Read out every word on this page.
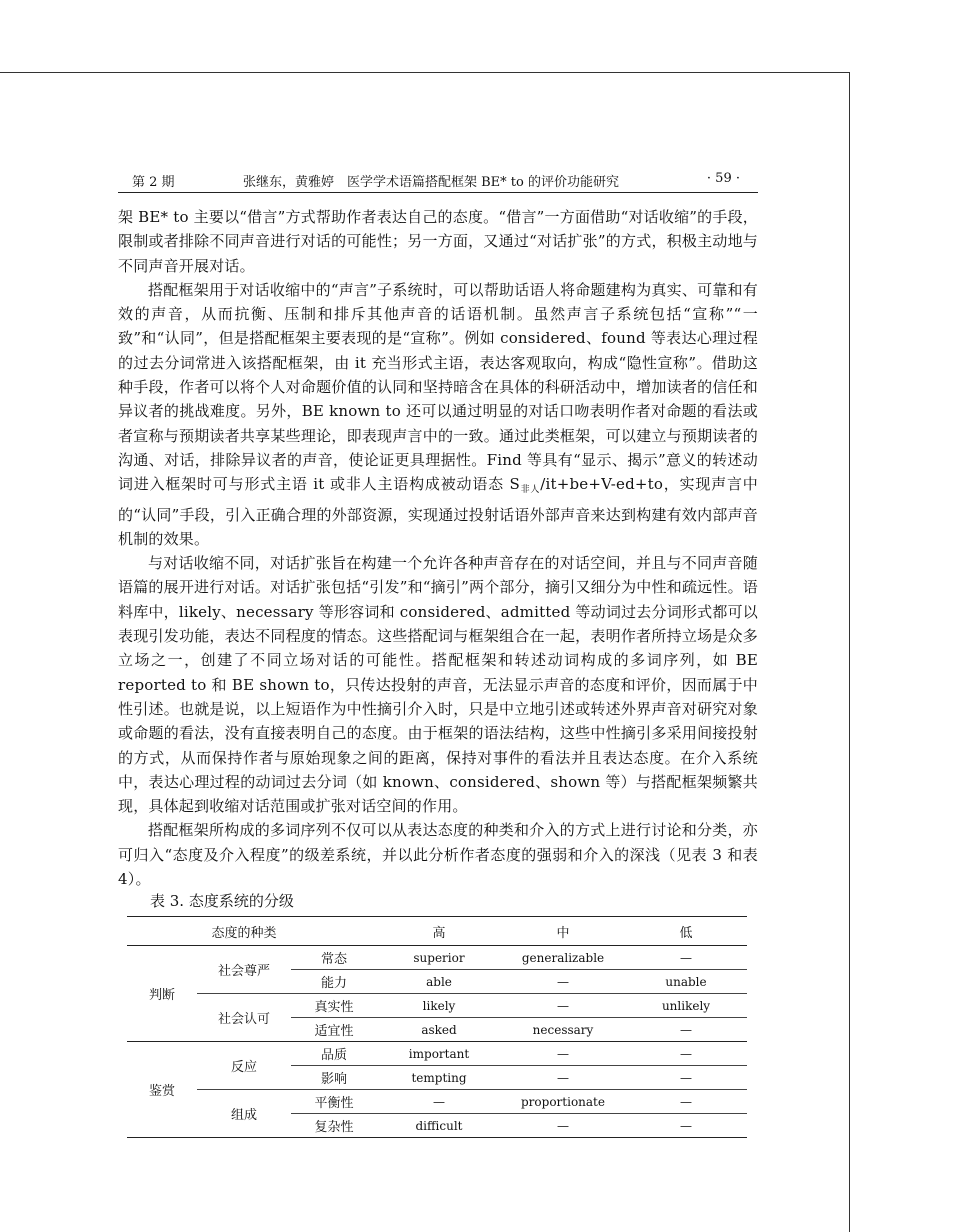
第 2 期	张继东，黄雅婷　医学学术语篇搭配框架 BE* to 的评价功能研究	· 59 ·

架 BE* to 主要以“借言”方式帮助作者表达自己的态度。“借言”一方面借助“对话收缩”的手段，限制或者排除不同声音进行对话的可能性；另一方面，又通过“对话扩张”的方式，积极主动地与不同声音开展对话。

搭配框架用于对话收缩中的“声言”子系统时，可以帮助话语人将命题建构为真实、可靠和有效的声音，从而抗衡、压制和排斥其他声音的话语机制。虽然声言子系统包括“宣称”“一致”和“认同”，但是搭配框架主要表现的是“宣称”。例如 considered、found 等表达心理过程的过去分词常进入该搭配框架，由 it 充当形式主语，表达客观取向，构成“隐性宣称”。借助这种手段，作者可以将个人对命题价值的认同和坚持暗含在具体的科研活动中，增加读者的信任和异议者的挑战难度。另外，BE known to 还可以通过明显的对话口吻表明作者对命题的看法或者宣称与预期读者共享某些理论，即表现声言中的一致。通过此类框架，可以建立与预期读者的沟通、对话，排除异议者的声音，使论证更具理据性。Find 等具有“显示、揭示”意义的转述动词进入框架时可与形式主语 it 或非人主语构成被动语态 $S_{非人}/it+be+V-ed+to$，实现声言中的“认同”手段，引入正确合理的外部资源，实现通过投射话语外部声音来达到构建有效内部声音机制的效果。

与对话收缩不同，对话扩张旨在构建一个允许各种声音存在的对话空间，并且与不同声音随语篇的展开进行对话。对话扩张包括“引发”和“摘引”两个部分，摘引又细分为中性和疏远性。语料库中，likely、necessary 等形容词和 considered、admitted 等动词过去分词形式都可以表现引发功能，表达不同程度的情态。这些搭配词与框架组合在一起，表明作者所持立场是众多立场之一，创建了不同立场对话的可能性。搭配框架和转述动词构成的多词序列，如 BE reported to 和 BE shown to，只传达投射的声音，无法显示声音的态度和评价，因而属于中性引述。也就是说，以上短语作为中性摘引介入时，只是中立地引述或转述外界声音对研究对象或命题的看法，没有直接表明自己的态度。由于框架的语法结构，这些中性摘引多采用间接投射的方式，从而保持作者与原始现象之间的距离，保持对事件的看法并且表达态度。在介入系统中，表达心理过程的动词过去分词（如 known、considered、shown 等）与搭配框架频繁共现，具体起到收缩对话范围或扩张对话空间的作用。

搭配框架所构成的多词序列不仅可以从表达态度的种类和介入的方式上进行讨论和分类，亦可归入“态度及介入程度”的级差系统，并以此分析作者态度的强弱和介入的深浅（见表 3 和表 4）。

表 3. 态度系统的分级
	态度的种类		高	中	低
判断	社会尊严	常态	superior	generalizable	—
		能力	able	—	unable
	社会认可	真实性	likely	—	unlikely
		适宜性	asked	necessary	—
鉴赏	反应	品质	important	—	—
		影响	tempting	—	—
	组成	平衡性	—	proportionate	—
		复杂性	difficult	—	—
